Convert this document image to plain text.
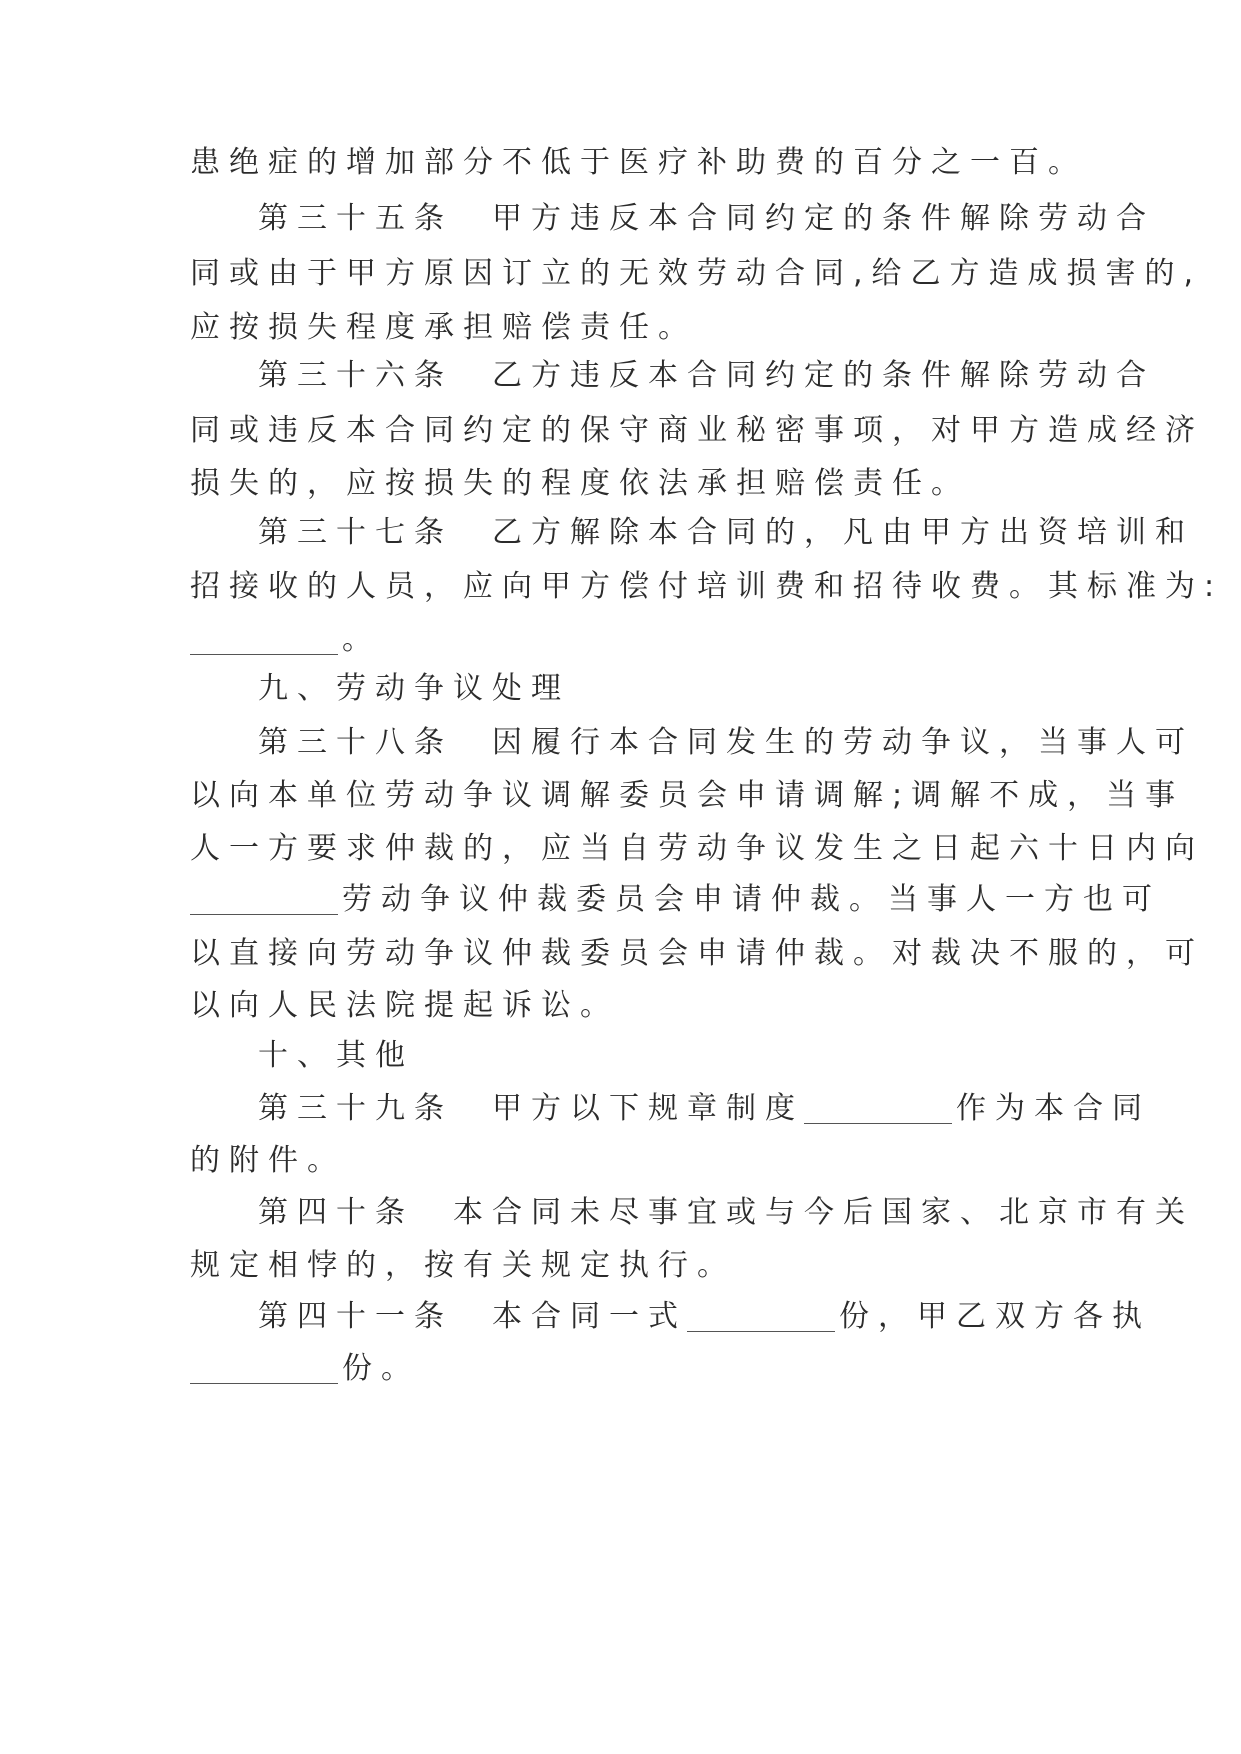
患绝症的增加部分不低于医疗补助费的百分之一百。
第三十五条　甲方违反本合同约定的条件解除劳动合
同或由于甲方原因订立的无效劳动合同,给乙方造成损害的,
应按损失程度承担赔偿责任。
第三十六条　乙方违反本合同约定的条件解除劳动合
同或违反本合同约定的保守商业秘密事项，对甲方造成经济
损失的，应按损失的程度依法承担赔偿责任。
第三十七条　乙方解除本合同的，凡由甲方出资培训和
招接收的人员，应向甲方偿付培训费和招待收费。其标准为:
。
九、劳动争议处理
第三十八条　因履行本合同发生的劳动争议，当事人可
以向本单位劳动争议调解委员会申请调解;调解不成，当事
人一方要求仲裁的，应当自劳动争议发生之日起六十日内向
劳动争议仲裁委员会申请仲裁。当事人一方也可
以直接向劳动争议仲裁委员会申请仲裁。对裁决不服的，可
以向人民法院提起诉讼。
十、其他
第三十九条　甲方以下规章制度	作为本合同
的附件。
第四十条　本合同未尽事宜或与今后国家、北京市有关
规定相悖的，按有关规定执行。
第四十一条　本合同一式	份，甲乙双方各执
份。
